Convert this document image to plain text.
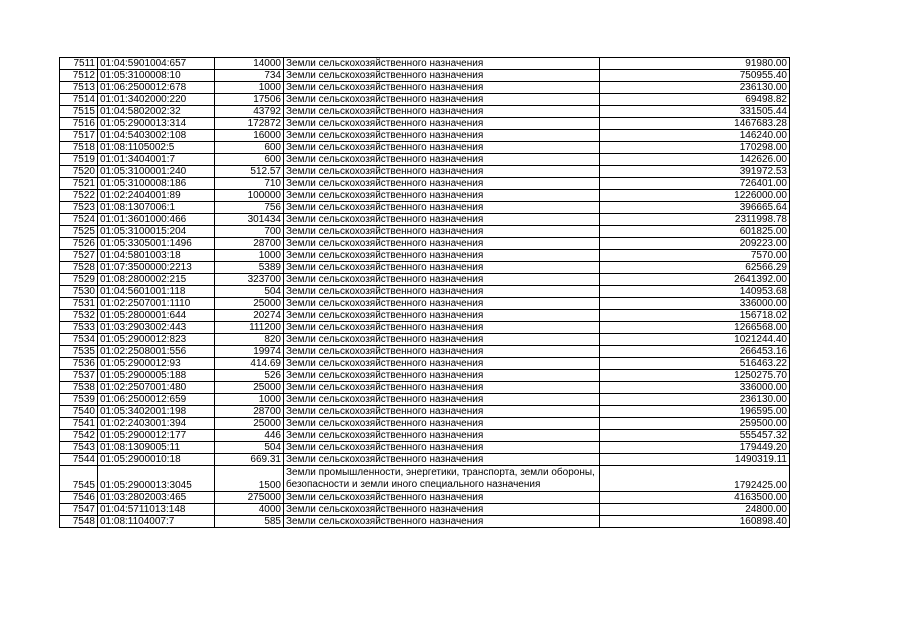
7511	01:04:5901004:657	14000	Земли сельскохозяйственного назначения	91980.00
7512	01:05:3100008:10	734	Земли сельскохозяйственного назначения	750955.40
7513	01:06:2500012:678	1000	Земли сельскохозяйственного назначения	236130.00
7514	01:01:3402000:220	17506	Земли сельскохозяйственного назначения	69498.82
7515	01:04:5802002:32	43792	Земли сельскохозяйственного назначения	331505.44
7516	01:05:2900013:314	172872	Земли сельскохозяйственного назначения	1467683.28
7517	01:04:5403002:108	16000	Земли сельскохозяйственного назначения	146240.00
7518	01:08:1105002:5	600	Земли сельскохозяйственного назначения	170298.00
7519	01:01:3404001:7	600	Земли сельскохозяйственного назначения	142626.00
7520	01:05:3100001:240	512.57	Земли сельскохозяйственного назначения	391972.53
7521	01:05:3100008:186	710	Земли сельскохозяйственного назначения	726401.00
7522	01:02:2404001:89	100000	Земли сельскохозяйственного назначения	1226000.00
7523	01:08:1307006:1	756	Земли сельскохозяйственного назначения	396665.64
7524	01:01:3601000:466	301434	Земли сельскохозяйственного назначения	2311998.78
7525	01:05:3100015:204	700	Земли сельскохозяйственного назначения	601825.00
7526	01:05:3305001:1496	28700	Земли сельскохозяйственного назначения	209223.00
7527	01:04:5801003:18	1000	Земли сельскохозяйственного назначения	7570.00
7528	01:07:3500000:2213	5389	Земли сельскохозяйственного назначения	62566.29
7529	01:08:2800002:215	323700	Земли сельскохозяйственного назначения	2641392.00
7530	01:04:5601001:118	504	Земли сельскохозяйственного назначения	140953.68
7531	01:02:2507001:1110	25000	Земли сельскохозяйственного назначения	336000.00
7532	01:05:2800001:644	20274	Земли сельскохозяйственного назначения	156718.02
7533	01:03:2903002:443	111200	Земли сельскохозяйственного назначения	1266568.00
7534	01:05:2900012:823	820	Земли сельскохозяйственного назначения	1021244.40
7535	01:02:2508001:556	19974	Земли сельскохозяйственного назначения	266453.16
7536	01:05:2900012:93	414.69	Земли сельскохозяйственного назначения	516463.22
7537	01:05:2900005:188	526	Земли сельскохозяйственного назначения	1250275.70
7538	01:02:2507001:480	25000	Земли сельскохозяйственного назначения	336000.00
7539	01:06:2500012:659	1000	Земли сельскохозяйственного назначения	236130.00
7540	01:05:3402001:198	28700	Земли сельскохозяйственного назначения	196595.00
7541	01:02:2403001:394	25000	Земли сельскохозяйственного назначения	259500.00
7542	01:05:2900012:177	446	Земли сельскохозяйственного назначения	555457.32
7543	01:08:1309005:11	504	Земли сельскохозяйственного назначения	179449.20
7544	01:05:2900010:18	669.31	Земли сельскохозяйственного назначения	1490319.11
7545	01:05:2900013:3045	1500	Земли промышленности, энергетики, транспорта, земли обороны, безопасности и земли иного специального назначения	1792425.00
7546	01:03:2802003:465	275000	Земли сельскохозяйственного назначения	4163500.00
7547	01:04:5711013:148	4000	Земли сельскохозяйственного назначения	24800.00
7548	01:08:1104007:7	585	Земли сельскохозяйственного назначения	160898.40
